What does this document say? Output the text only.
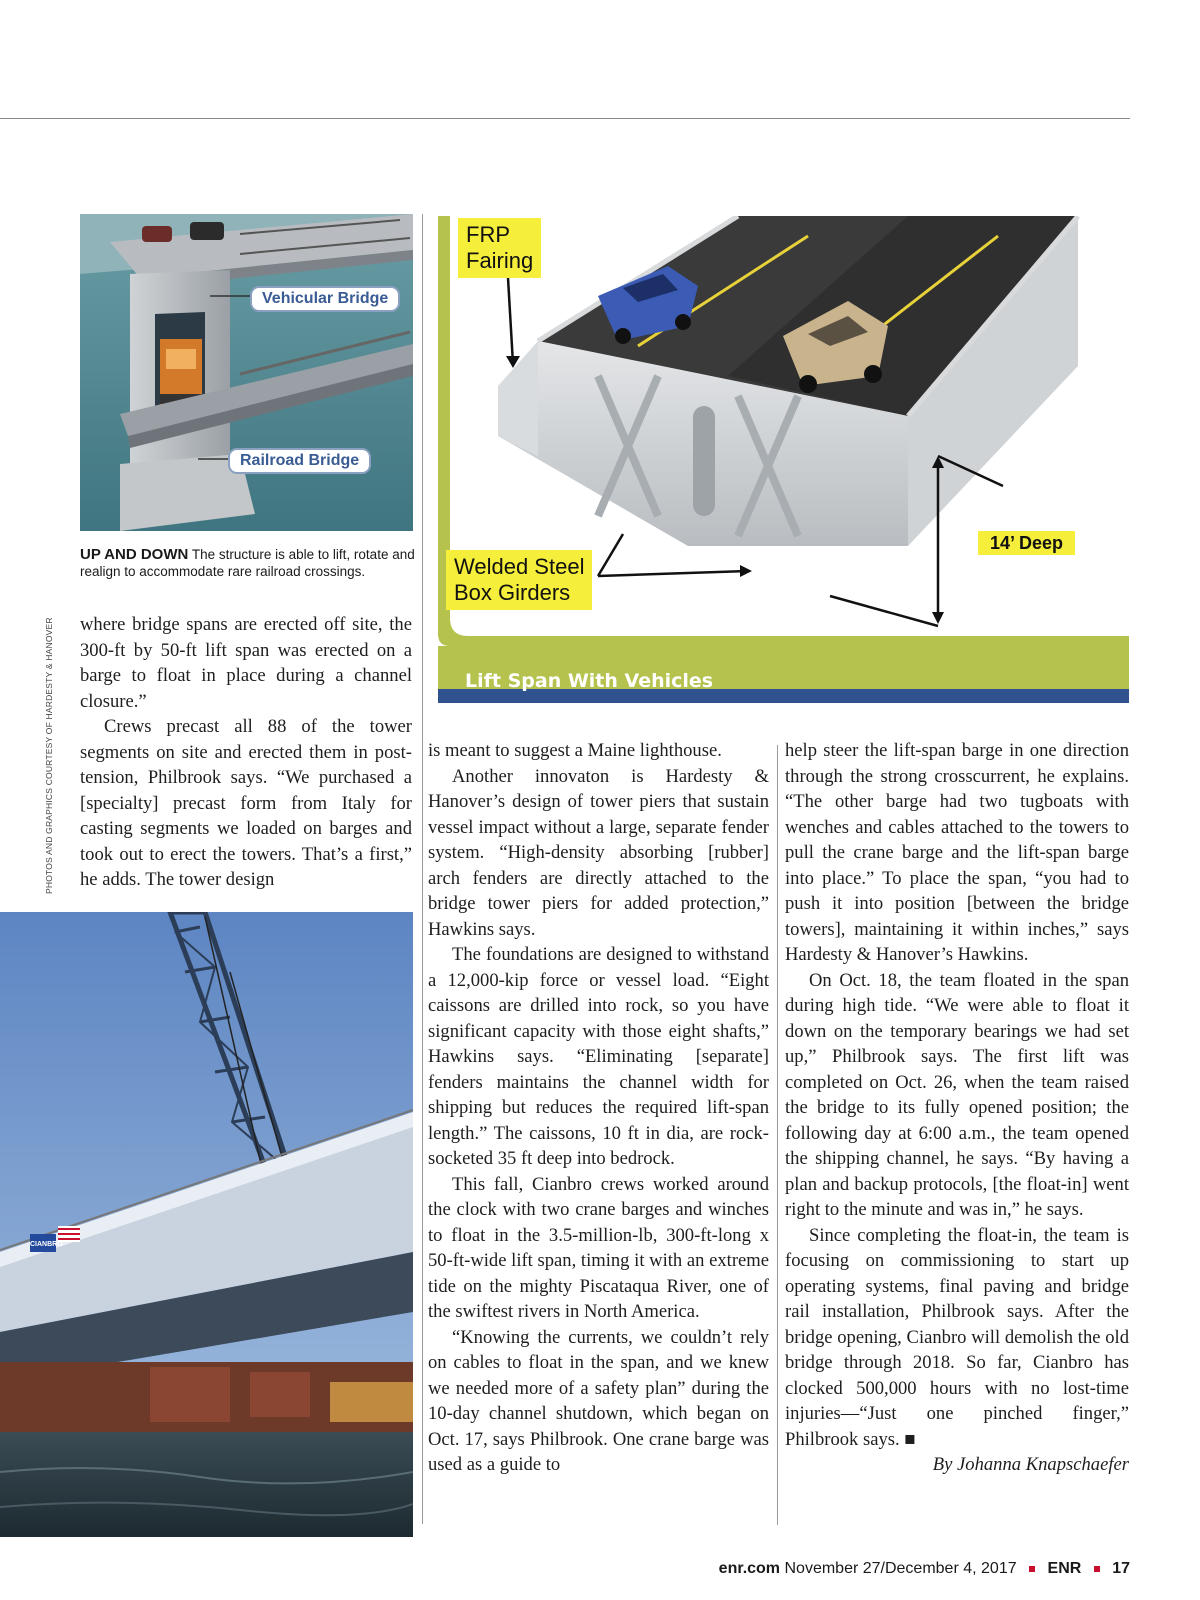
Vehicular Bridge
Railroad Bridge
UP AND DOWN The structure is able to lift, rotate and realign to accommodate rare railroad crossings.
PHOTOS AND GRAPHICS COURTESY OF HARDESTY & HANOVER where bridge spans are erected off site, the 300-ft by 50-ft lift span was erected on a barge to float in place during a channel closure.”

Crews precast all 88 of the tower segments on site and erected them in post-tension, Philbrook says. “We purchased a [specialty] precast form from Italy for casting segments we loaded on barges and took out to erect the towers. That’s a first,” he adds. The tower design

FRP
Fairing
Welded Steel
Box Girders
14’ Deep
Lift Span With Vehicles
CIANBRO

is meant to suggest a Maine lighthouse.

Another innovaton is Hardesty & Hanover’s design of tower piers that sustain vessel impact without a large, separate fender system. “High-density absorbing [rubber] arch fenders are directly attached to the bridge tower piers for added protection,” Hawkins says.

The foundations are designed to withstand a 12,000-kip force or vessel load. “Eight caissons are drilled into rock, so you have significant capacity with those eight shafts,” Hawkins says. “Eliminating [separate] fenders maintains the channel width for shipping but reduces the required lift-span length.” The caissons, 10 ft in dia, are rock-socketed 35 ft deep into bedrock.

This fall, Cianbro crews worked around the clock with two crane barges and winches to float in the 3.5-million-lb, 300-ft-long x 50-ft-wide lift span, timing it with an extreme tide on the mighty Piscataqua River, one of the swiftest rivers in North America.

“Knowing the currents, we couldn’t rely on cables to float in the span, and we knew we needed more of a safety plan” during the 10-day channel shutdown, which began on Oct. 17, says Philbrook. One crane barge was used as a guide to

help steer the lift-span barge in one direction through the strong crosscurrent, he explains. “The other barge had two tugboats with wenches and cables attached to the towers to pull the crane barge and the lift-span barge into place.” To place the span, “you had to push it into position [between the bridge towers], maintaining it within inches,” says Hardesty & Hanover’s Hawkins.

On Oct. 18, the team floated in the span during high tide. “We were able to float it down on the temporary bearings we had set up,” Philbrook says. The first lift was completed on Oct. 26, when the team raised the bridge to its fully opened position; the following day at 6:00 a.m., the team opened the shipping channel, he says. “By having a plan and backup protocols, [the float-in] went right to the minute and was in,” he says.

Since completing the float-in, the team is focusing on commissioning to start up operating systems, final paving and bridge rail installation, Philbrook says. After the bridge opening, Cianbro will demolish the old bridge through 2018. So far, Cianbro has clocked 500,000 hours with no lost-time injuries—“Just one pinched finger,” Philbrook says. ■

By Johanna Knapschaefer

enr.com November 27/December 4, 2017 ENR 17
